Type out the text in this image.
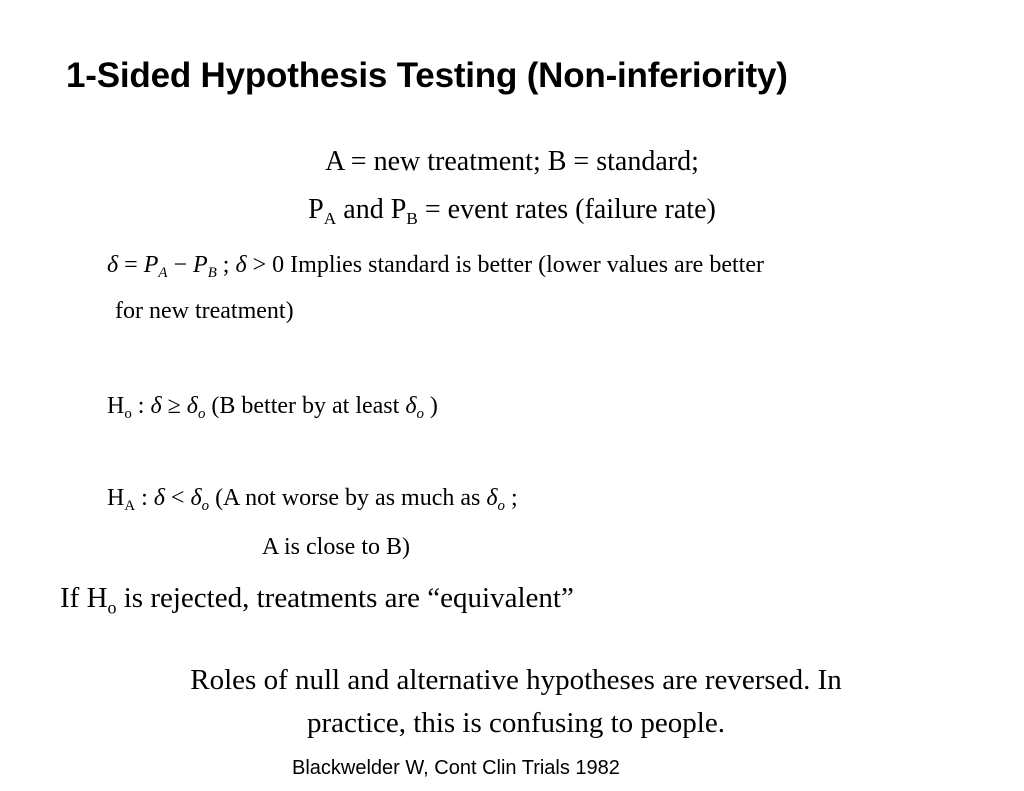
1-Sided Hypothesis Testing (Non-inferiority)
A = new treatment; B = standard;
$P_A$ and $P_B$ = event rates (failure rate)
$\delta = P_A - P_B$ ; δ > 0 Implies standard is better (lower values are better
for new treatment)
$H_o$ : $\delta \ge \delta_o$ (B better by at least $\delta_o$ )
$H_A$ : $\delta < \delta_o$ (A not worse by as much as $\delta_o$ ;
A is close to B)
If $H_o$ is rejected, treatments are “equivalent”
Roles of null and alternative hypotheses are reversed. In
practice, this is confusing to people.
Blackwelder W, Cont Clin Trials 1982
